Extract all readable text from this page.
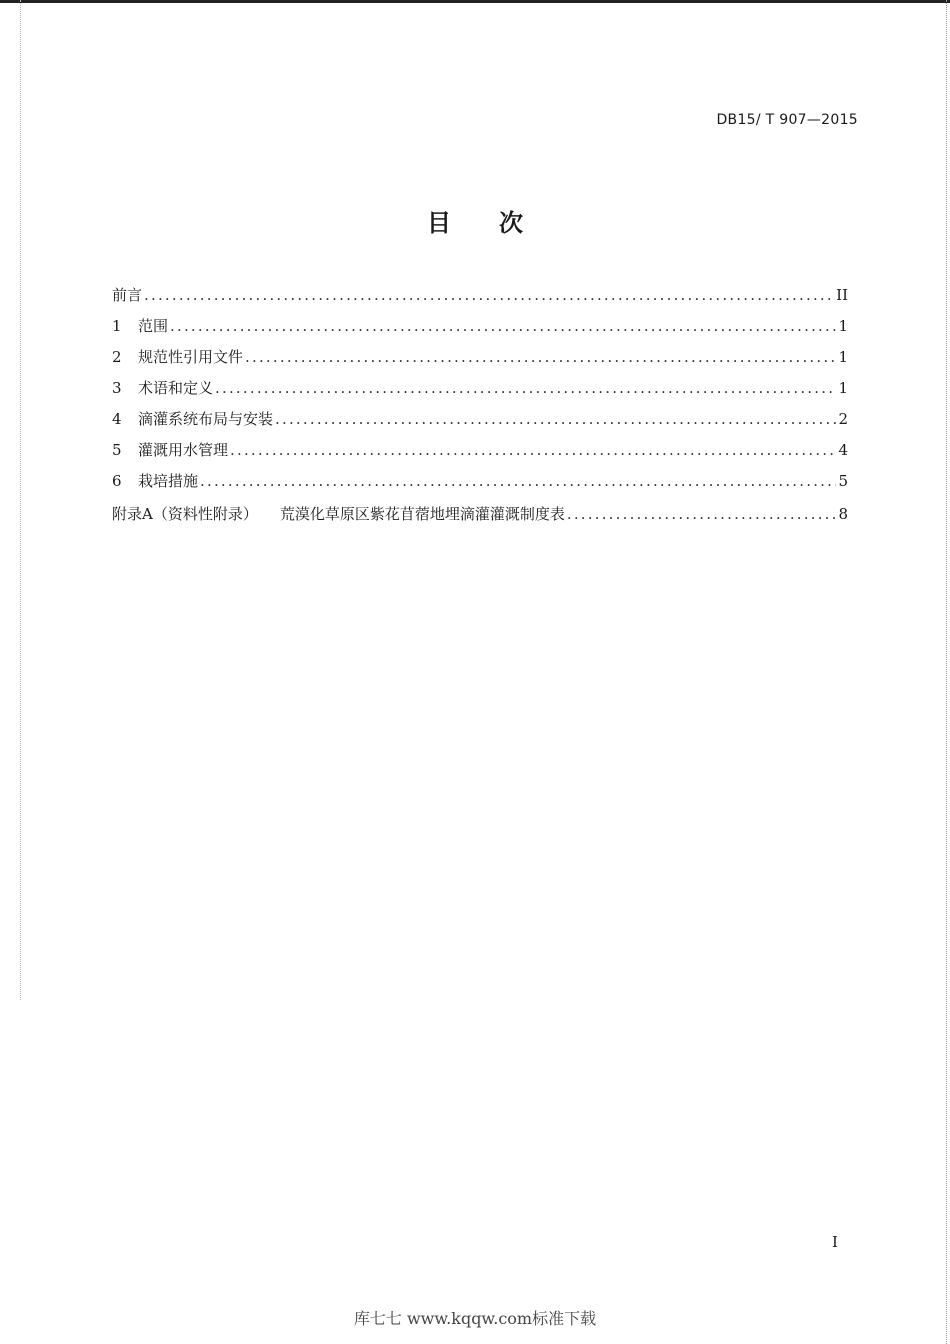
DB15/ T 907—2015
目次
前言 .....	II
1	范围 .....	1
2	规范性引用文件 .....	1
3	术语和定义 .....	1
4	滴灌系统布局与安装 .....	2
5	灌溉用水管理 .....	4
6	栽培措施 .....	5
附录A（资料性附录） 荒漠化草原区紫花苜蓿地埋滴灌灌溉制度表 .....	8
I
库七七 www.kqqw.com标准下载
